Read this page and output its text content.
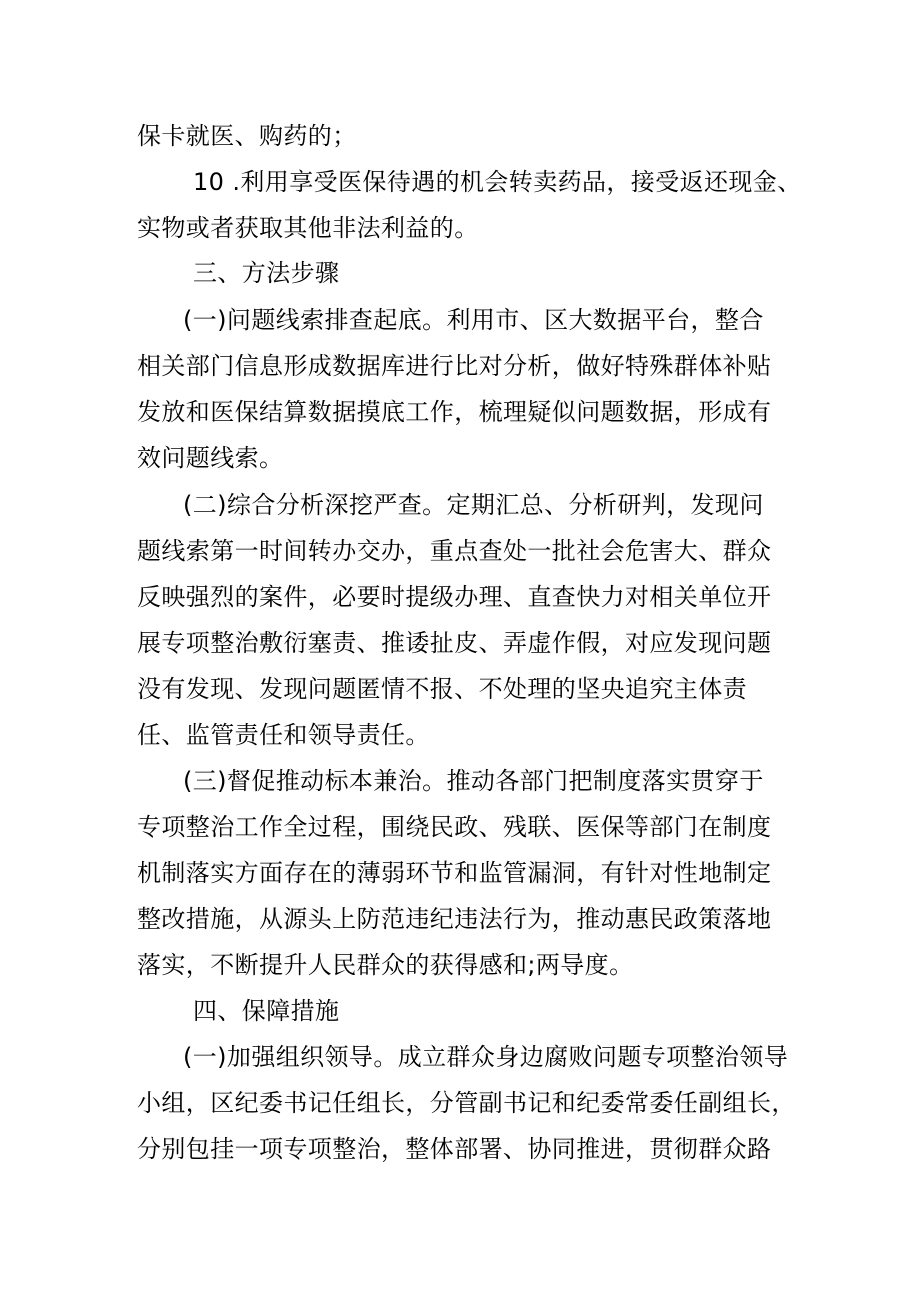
保卡就医、购药的；
10 .利用享受医保待遇的机会转卖药品，接受返还现金、
实物或者获取其他非法利益的。
三、方法步骤
(一)问题线索排查起底。利用市、区大数据平台，整合
相关部门信息形成数据库进行比对分析，做好特殊群体补贴
发放和医保结算数据摸底工作，梳理疑似问题数据，形成有
效问题线索。
(二)综合分析深挖严查。定期汇总、分析研判，发现问
题线索第一时间转办交办，重点查处一批社会危害大、群众
反映强烈的案件，必要时提级办理、直查快力对相关单位开
展专项整治敷衍塞责、推诿扯皮、弄虚作假，对应发现问题
没有发现、发现问题匿情不报、不处理的坚央追究主体责
任、监管责任和领导责任。
(三)督促推动标本兼治。推动各部门把制度落实贯穿于
专项整治工作全过程，围绕民政、残联、医保等部门在制度
机制落实方面存在的薄弱环节和监管漏洞，有针对性地制定
整改措施，从源头上防范违纪违法行为，推动惠民政策落地
落实，不断提升人民群众的获得感和;两导度。
四、保障措施
(一)加强组织领导。成立群众身边腐败问题专项整治领导
小组，区纪委书记任组长，分管副书记和纪委常委任副组长，
分别包挂一项专项整治，整体部署、协同推进，贯彻群众路
